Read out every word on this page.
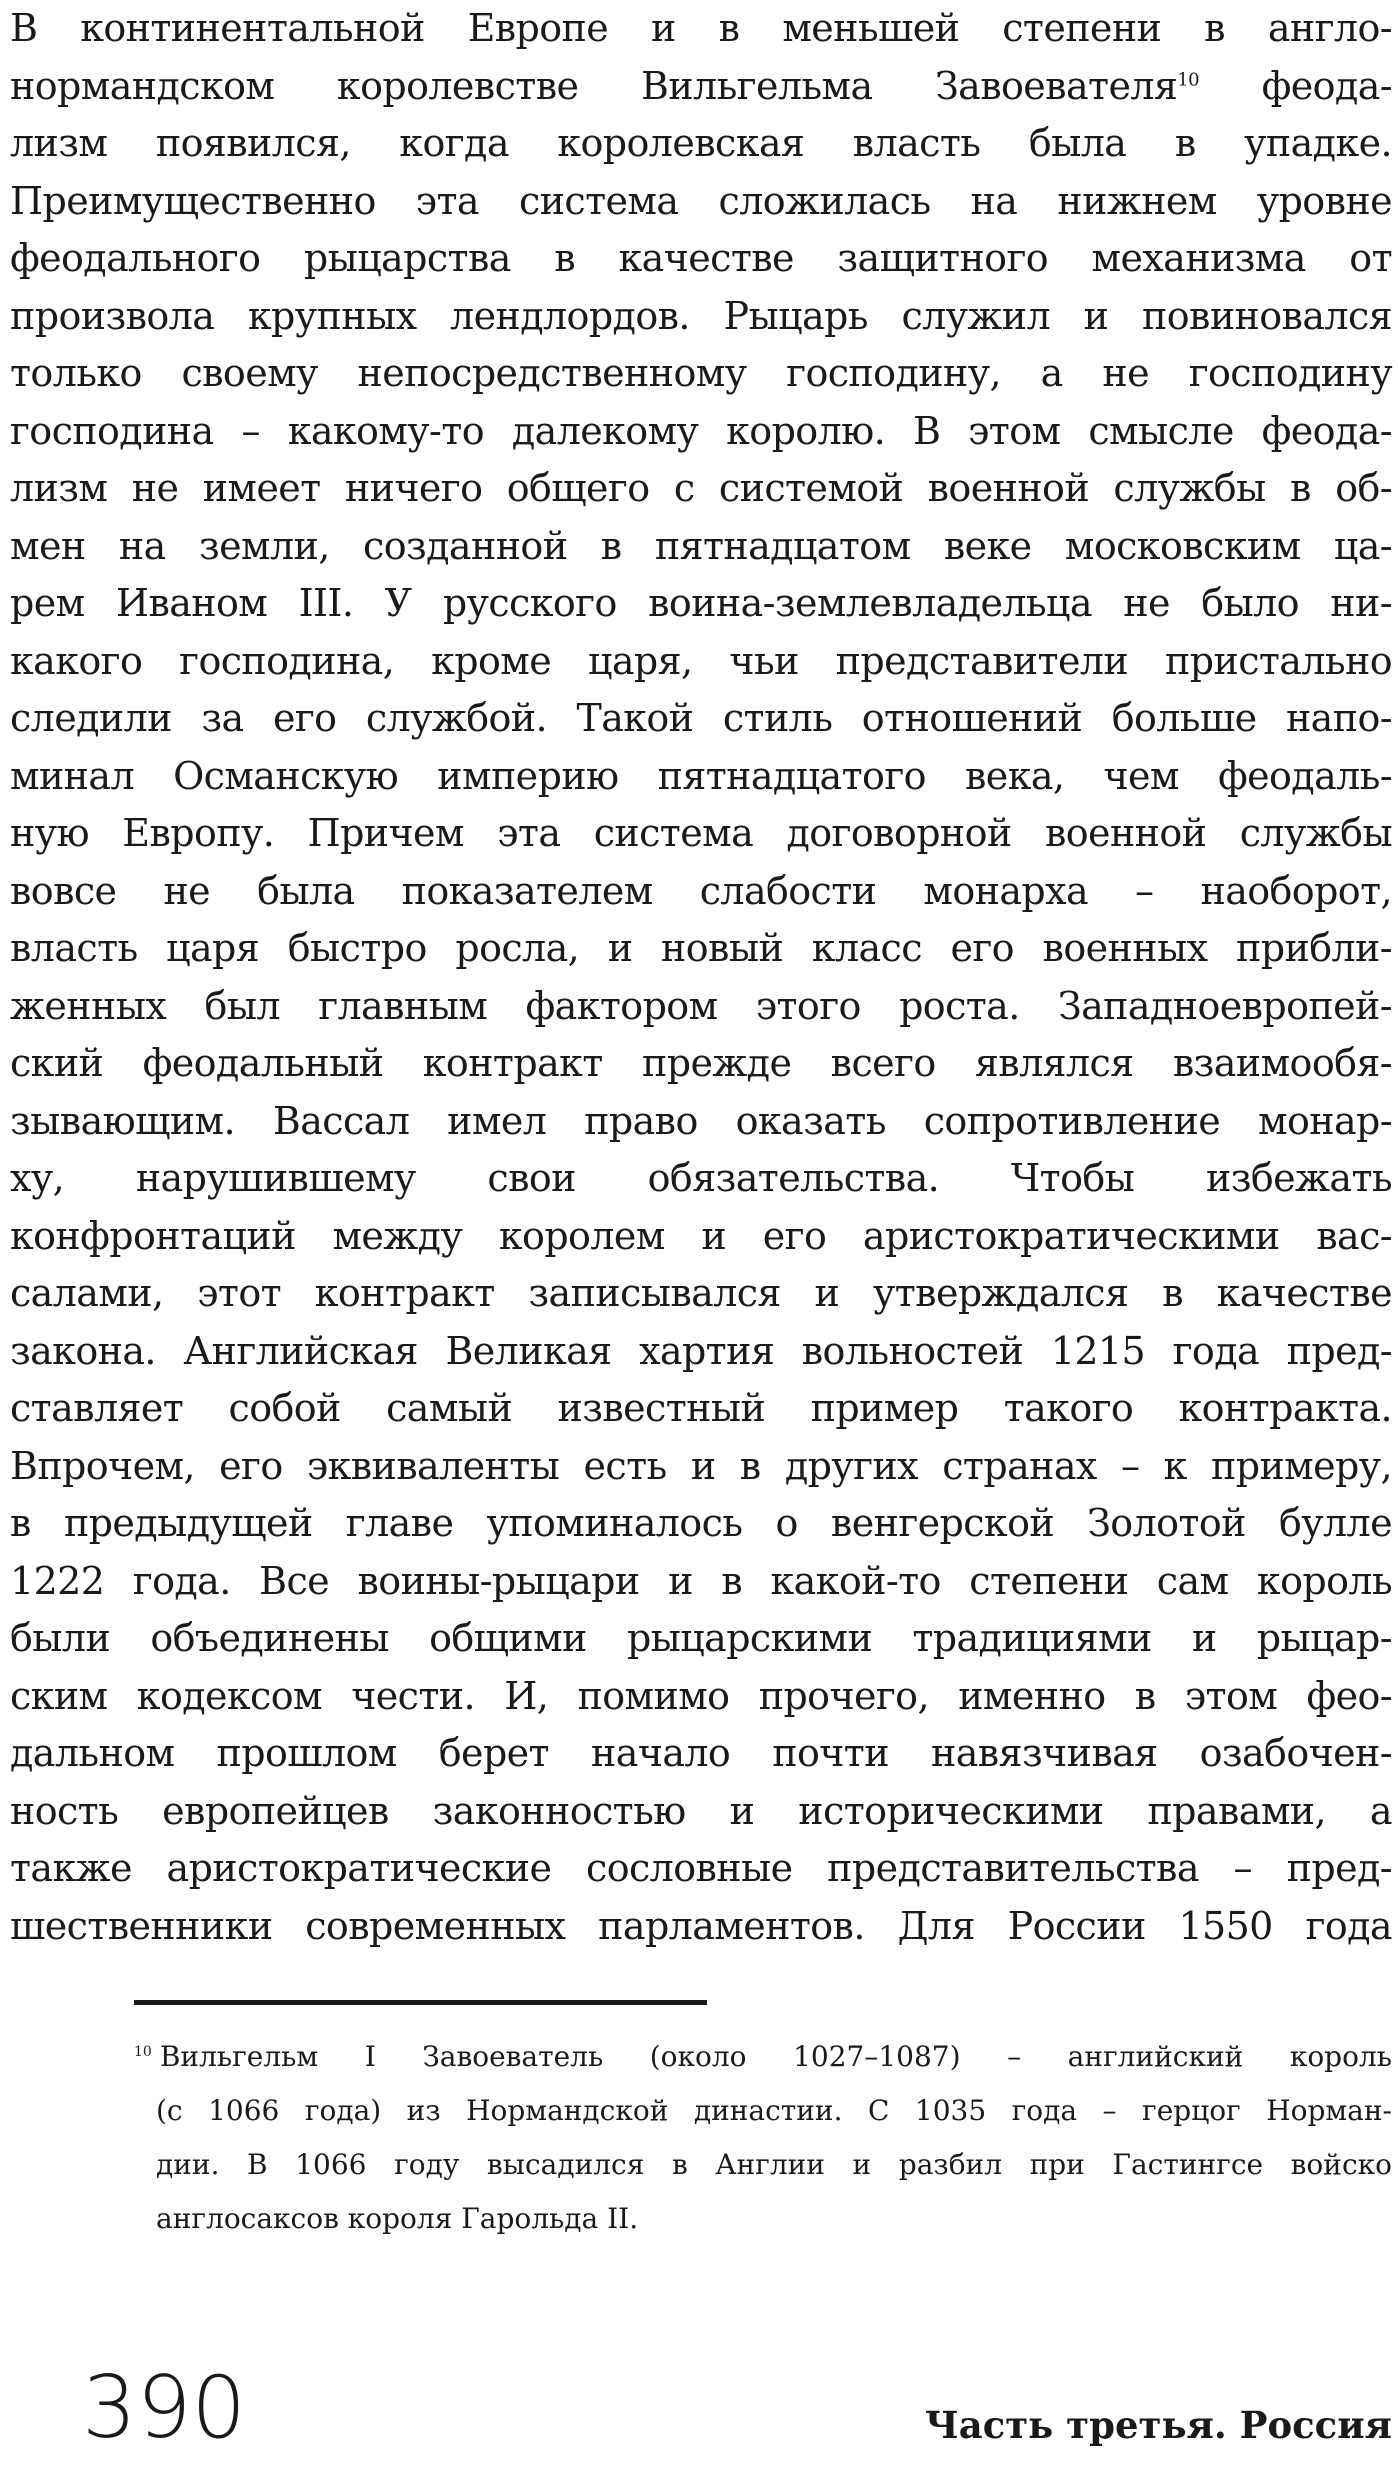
В континентальной Европе и в меньшей степени в англо-
нормандском королевстве Вильгельма Завоевателя$^{10}$ феода-
лизм появился, когда королевская власть была в упадке.
Преимущественно эта система сложилась на нижнем уровне
феодального рыцарства в качестве защитного механизма от
произвола крупных лендлордов. Рыцарь служил и повиновался
только своему непосредственному господину, а не господину
господина – какому-то далекому королю. В этом смысле феода-
лизм не имеет ничего общего с системой военной службы в об-
мен на земли, созданной в пятнадцатом веке московским ца-
рем Иваном III. У русского воина-землевладельца не было ни-
какого господина, кроме царя, чьи представители пристально
следили за его службой. Такой стиль отношений больше напо-
минал Османскую империю пятнадцатого века, чем феодаль-
ную Европу. Причем эта система договорной военной службы
вовсе не была показателем слабости монарха – наоборот,
власть царя быстро росла, и новый класс его военных прибли-
женных был главным фактором этого роста. Западноевропей-
ский феодальный контракт прежде всего являлся взаимообя-
зывающим. Вассал имел право оказать сопротивление монар-
ху, нарушившему свои обязательства. Чтобы избежать
конфронтаций между королем и его аристократическими вас-
салами, этот контракт записывался и утверждался в качестве
закона. Английская Великая хартия вольностей 1215 года пред-
ставляет собой самый известный пример такого контракта.
Впрочем, его эквиваленты есть и в других странах – к примеру,
в предыдущей главе упоминалось о венгерской Золотой булле
1222 года. Все воины-рыцари и в какой-то степени сам король
были объединены общими рыцарскими традициями и рыцар-
ским кодексом чести. И, помимо прочего, именно в этом фео-
дальном прошлом берет начало почти навязчивая озабочен-
ность европейцев законностью и историческими правами, а
также аристократические сословные представительства – пред-
шественники современных парламентов. Для России 1550 года
$^{10}$ Вильгельм I Завоеватель (около 1027–1087) – английский король
(с 1066 года) из Нормандской династии. С 1035 года – герцог Норман-
дии. В 1066 году высадился в Англии и разбил при Гастингсе войско
англосаксов короля Гарольда II.
390	Часть третья. Россия
